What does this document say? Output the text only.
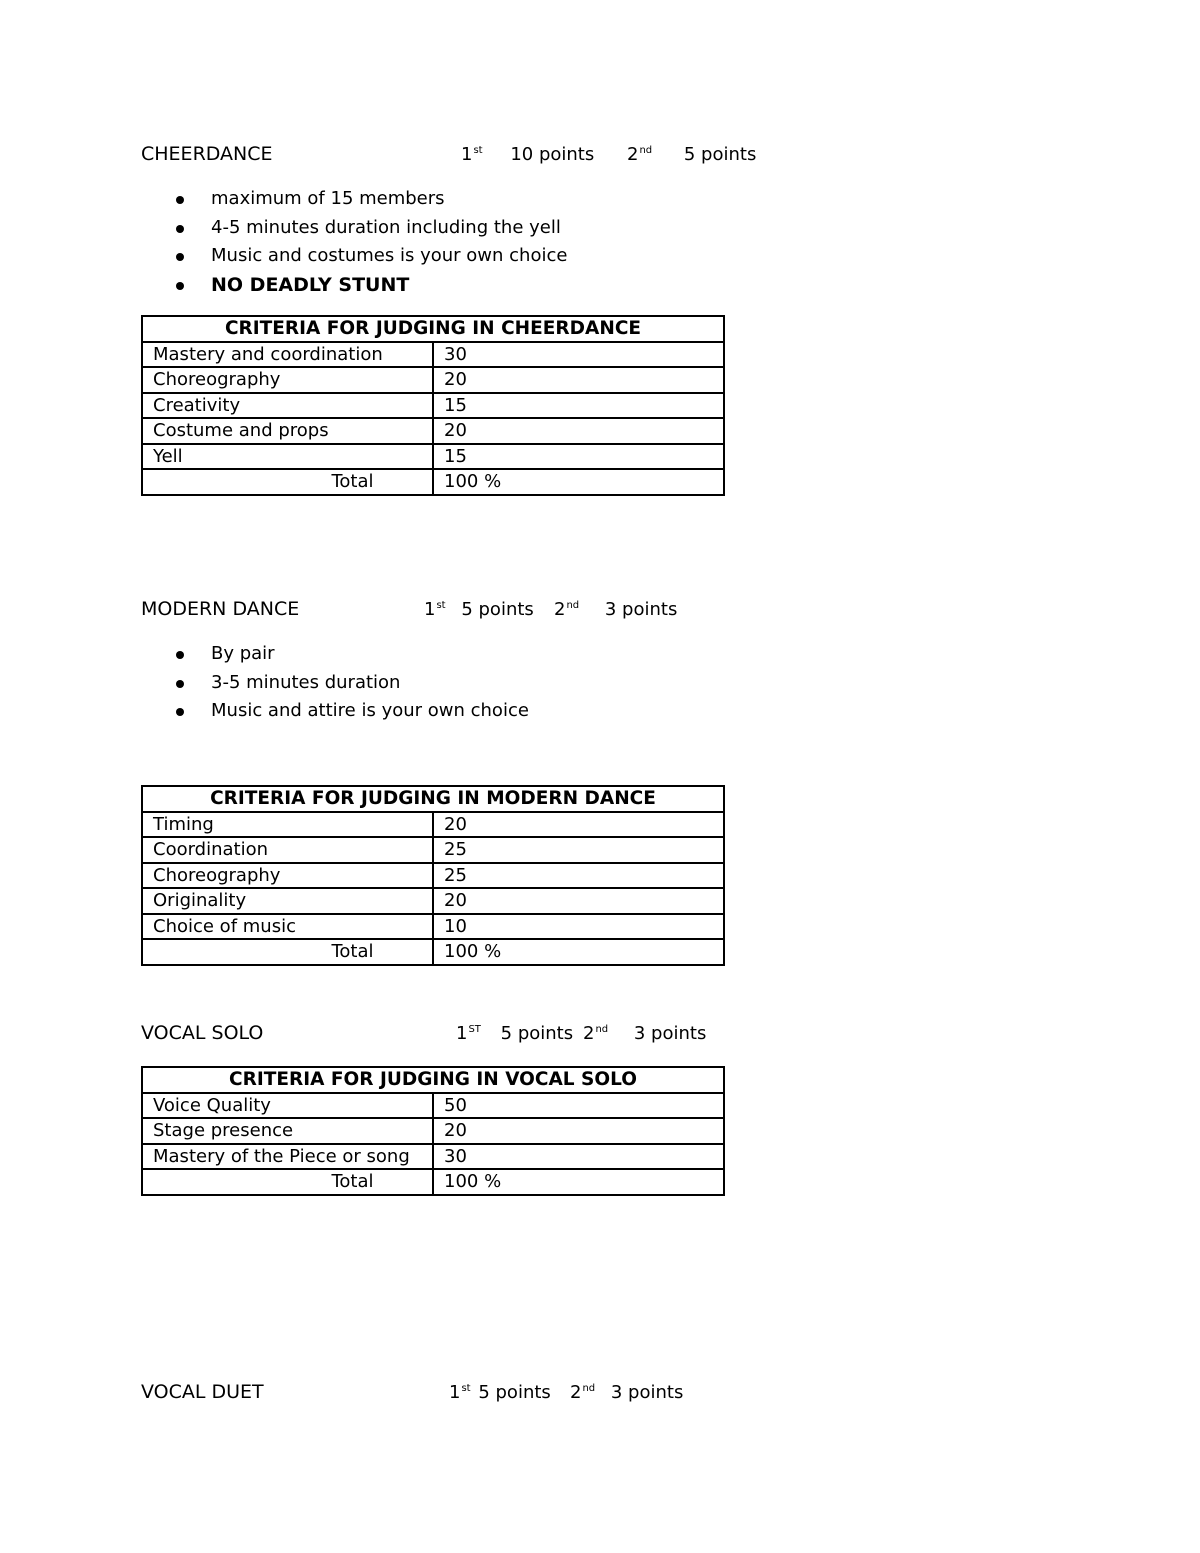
CHEERDANCE	1st 10 points 2nd 5 points
maximum of 15 members
4-5 minutes duration including the yell
Music and costumes is your own choice
NO DEADLY STUNT
CRITERIA FOR JUDGING IN CHEERDANCE	
Mastery and coordination	30
Choreography	20
Creativity	15
Costume and props	20
Yell	15
Total	100 %
MODERN DANCE	1st 5 points 2nd 3 points
By pair
3-5 minutes duration
Music and attire is your own choice
CRITERIA FOR JUDGING IN MODERN DANCE	
Timing	20
Coordination	25
Choreography	25
Originality	20
Choice of music	10
Total	100 %
VOCAL SOLO	1ST 5 points 2nd 3 points
CRITERIA FOR JUDGING IN VOCAL SOLO	
Voice Quality	50
Stage presence	20
Mastery of the Piece or song	30
Total	100 %
VOCAL DUET	1st 5 points 2nd 3 points
